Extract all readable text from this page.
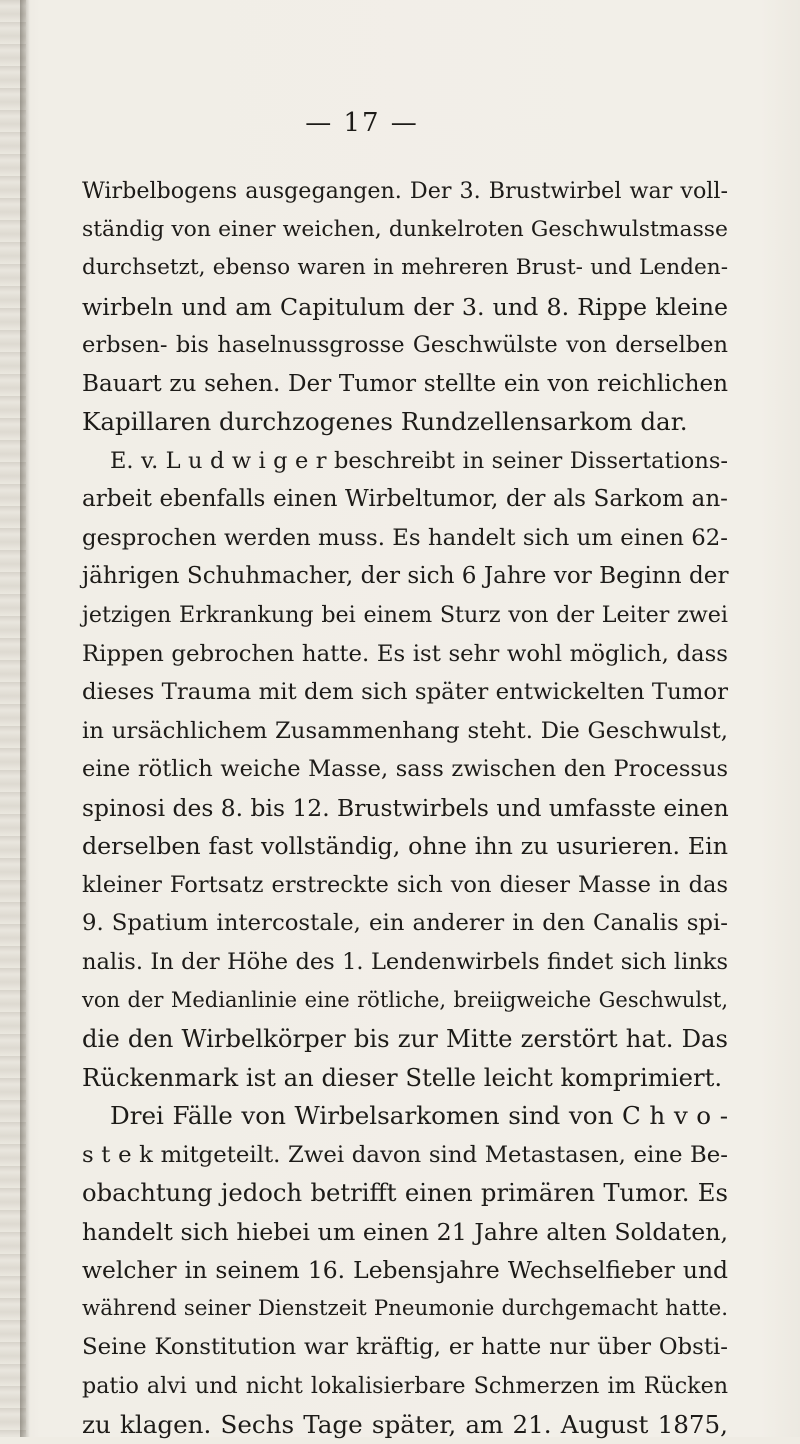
— 17 —
Wirbelbogens ausgegangen. Der 3. Brustwirbel war voll-
ständig von einer weichen, dunkelroten Geschwulstmasse
durchsetzt, ebenso waren in mehreren Brust- und Lenden-
wirbeln und am Capitulum der 3. und 8. Rippe kleine
erbsen- bis haselnussgrosse Geschwülste von derselben
Bauart zu sehen. Der Tumor stellte ein von reichlichen
Kapillaren durchzogenes Rundzellensarkom dar.
E. v. L u d w i g e r beschreibt in seiner Dissertations-
arbeit ebenfalls einen Wirbeltumor, der als Sarkom an-
gesprochen werden muss. Es handelt sich um einen 62-
jährigen Schuhmacher, der sich 6 Jahre vor Beginn der
jetzigen Erkrankung bei einem Sturz von der Leiter zwei
Rippen gebrochen hatte. Es ist sehr wohl möglich, dass
dieses Trauma mit dem sich später entwickelten Tumor
in ursächlichem Zusammenhang steht. Die Geschwulst,
eine rötlich weiche Masse, sass zwischen den Processus
spinosi des 8. bis 12. Brustwirbels und umfasste einen
derselben fast vollständig, ohne ihn zu usurieren. Ein
kleiner Fortsatz erstreckte sich von dieser Masse in das
9. Spatium intercostale, ein anderer in den Canalis spi-
nalis. In der Höhe des 1. Lendenwirbels findet sich links
von der Medianlinie eine rötliche, breiigweiche Geschwulst,
die den Wirbelkörper bis zur Mitte zerstört hat. Das
Rückenmark ist an dieser Stelle leicht komprimiert.
Drei Fälle von Wirbelsarkomen sind von C h v o -
s t e k mitgeteilt. Zwei davon sind Metastasen, eine Be-
obachtung jedoch betrifft einen primären Tumor. Es
handelt sich hiebei um einen 21 Jahre alten Soldaten,
welcher in seinem 16. Lebensjahre Wechselfieber und
während seiner Dienstzeit Pneumonie durchgemacht hatte.
Seine Konstitution war kräftig, er hatte nur über Obsti-
patio alvi und nicht lokalisierbare Schmerzen im Rücken
zu klagen. Sechs Tage später, am 21. August 1875,
